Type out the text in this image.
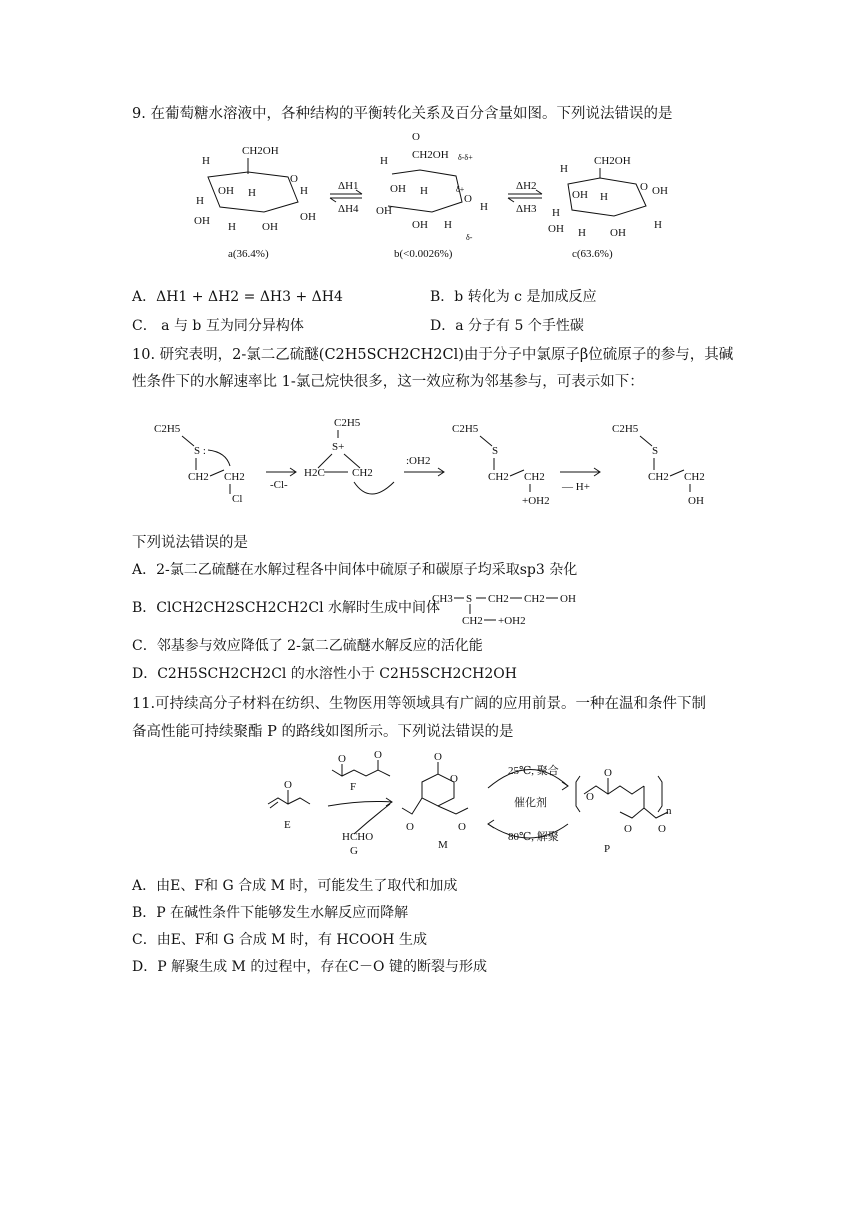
9. 在葡萄糖水溶液中，各种结构的平衡转化关系及百分含量如图。下列说法错误的是
CH2OH
O
H
OH H
H
OH
H
OH
H OH
a(36.4%)
ΔH1
ΔH4
CH2OH δ-δ+
O
H
OH H
OH
O
δ+
H
OH H
δ-
b(<0.0026%)
ΔH2
ΔH3
CH2OH
O
H
OH H
H
OH
OH
H
H OH
c(63.6%)
A．ΔH1 + ΔH2 = ΔH3 + ΔH4	B．b 转化为 c 是加成反应
C． a 与 b 互为同分异构体	D．a 分子有 5 个手性碳
10. 研究表明，2-氯二乙硫醚(C2H5SCH2CH2Cl)由于分子中氯原子β位硫原子的参与，其碱
性条件下的水解速率比 1-氯己烷快很多，这一效应称为邻基参与，可表示如下：
C2H5
S :
CH2 CH2
Cl
-Cl-
C2H5
S+
H2C CH2
:OH2
C2H5
S
CH2 CH2
+OH2
— H+
C2H5
S
CH2 CH2
OH
下列说法错误的是
A．2-氯二乙硫醚在水解过程各中间体中硫原子和碳原子均采取sp3 杂化
B．ClCH2CH2SCH2CH2Cl 水解时生成中间体
CH3 S CH2 CH2 OH
CH2 +OH2
C．邻基参与效应降低了 2-氯二乙硫醚水解反应的活化能
D．C2H5SCH2CH2Cl 的水溶性小于 C2H5SCH2CH2OH
11.可持续高分子材料在纺织、生物医用等领域具有广阔的应用前景。一种在温和条件下制
备高性能可持续聚酯 P 的路线如图所示。下列说法错误的是
O
E
O	O
F
HCHO
G
O
O
O	O
M
25℃, 聚合
催化剂
80℃, 解聚
O
O
O O
n
P
A．由E、F和 G 合成 M 时，可能发生了取代和加成
B．P 在碱性条件下能够发生水解反应而降解
C．由E、F和 G 合成 M 时，有 HCOOH 生成
D．P 解聚生成 M 的过程中，存在C－O 键的断裂与形成
